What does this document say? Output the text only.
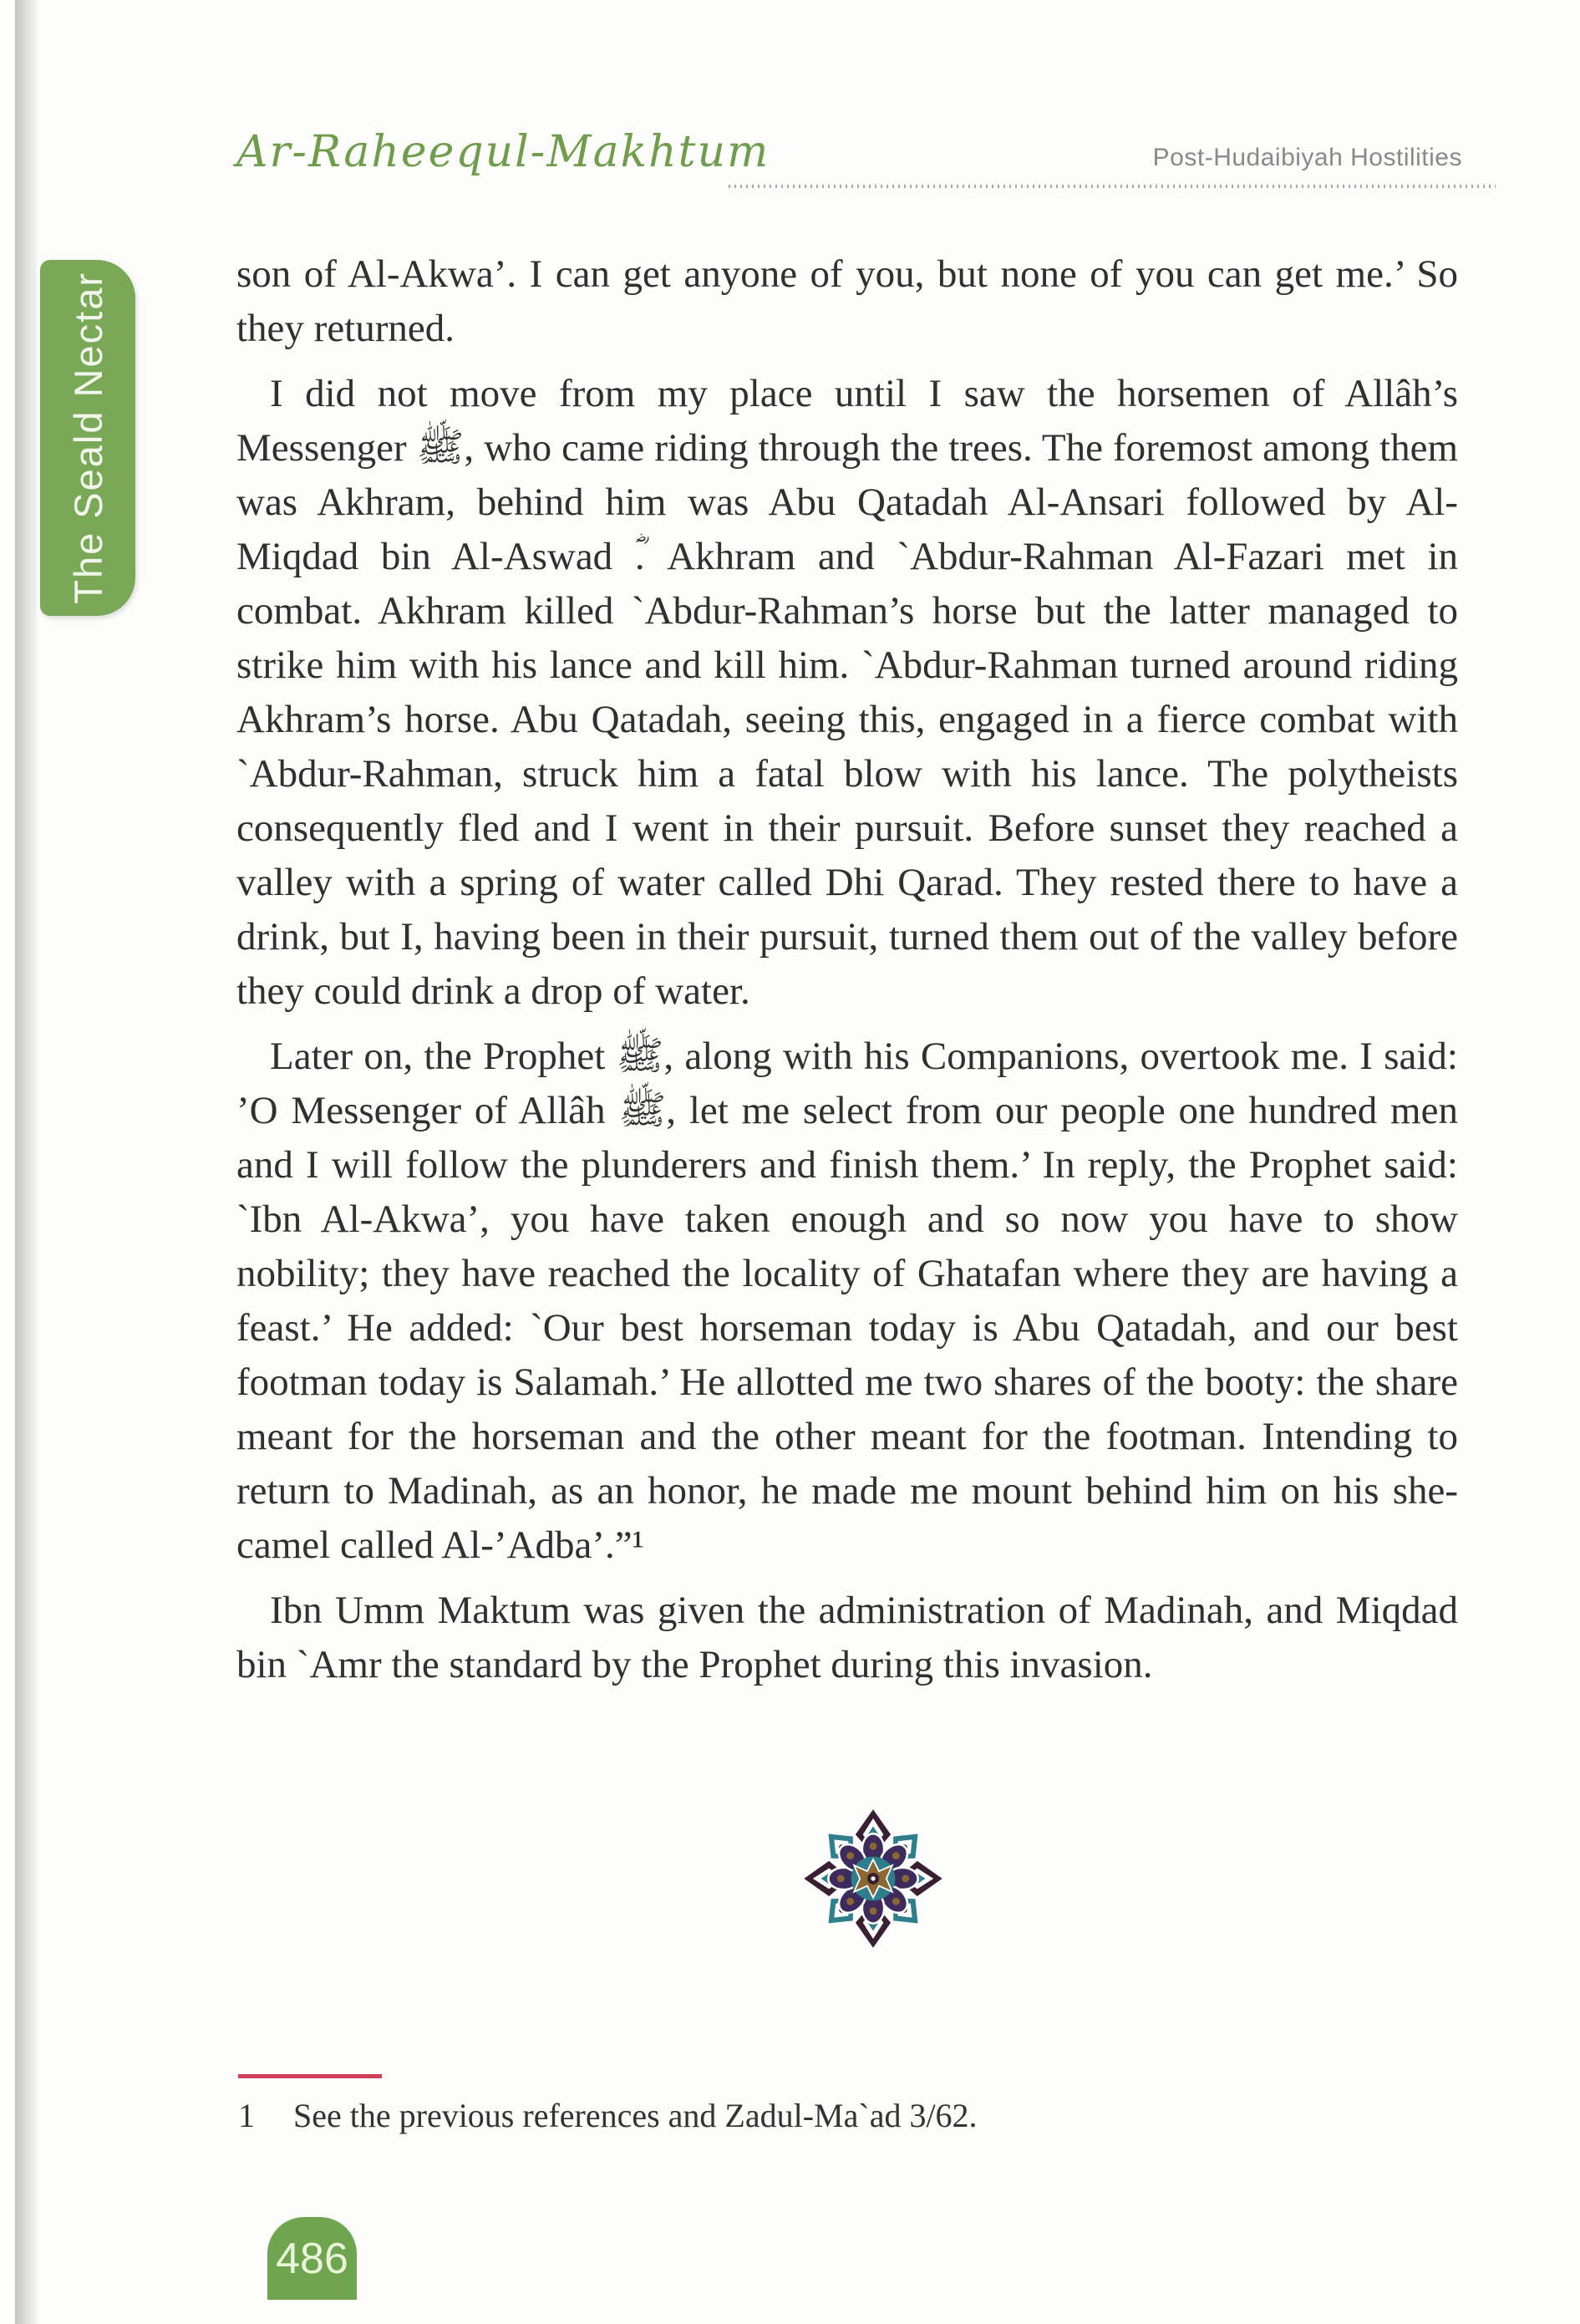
The Seald Nectar
Ar-Raheequl-Makhtum	Post-Hudaibiyah Hostilities

son of Al-Akwa’. I can get anyone of you, but none of you can get me.’ So they returned.

I did not move from my place until I saw the horsemen of Allâh’s Messenger ﷺ, who came riding through the trees. The foremost among them was Akhram, behind him was Abu Qatadah Al-Ansari followed by Al-Miqdad bin Al-Aswad ؓ. Akhram and `Abdur-Rahman Al-Fazari met in combat. Akhram killed `Abdur-Rahman’s horse but the latter managed to strike him with his lance and kill him. `Abdur-Rahman turned around riding Akhram’s horse. Abu Qatadah, seeing this, engaged in a fierce combat with `Abdur-Rahman, struck him a fatal blow with his lance. The polytheists consequently fled and I went in their pursuit. Before sunset they reached a valley with a spring of water called Dhi Qarad. They rested there to have a drink, but I, having been in their pursuit, turned them out of the valley before they could drink a drop of water.

Later on, the Prophet ﷺ, along with his Companions, overtook me. I said: ’O Messenger of Allâh ﷺ, let me select from our people one hundred men and I will follow the plunderers and finish them.’ In reply, the Prophet said: `Ibn Al-Akwa’, you have taken enough and so now you have to show nobility; they have reached the locality of Ghatafan where they are having a feast.’ He added: `Our best horseman today is Abu Qatadah, and our best footman today is Salamah.’ He allotted me two shares of the booty: the share meant for the horseman and the other meant for the footman. Intending to return to Madinah, as an honor, he made me mount behind him on his she-camel called Al-’Adba’.”¹

Ibn Umm Maktum was given the administration of Madinah, and Miqdad bin `Amr the standard by the Prophet during this invasion.

1	See the previous references and Zadul-Ma`ad 3/62.
486
